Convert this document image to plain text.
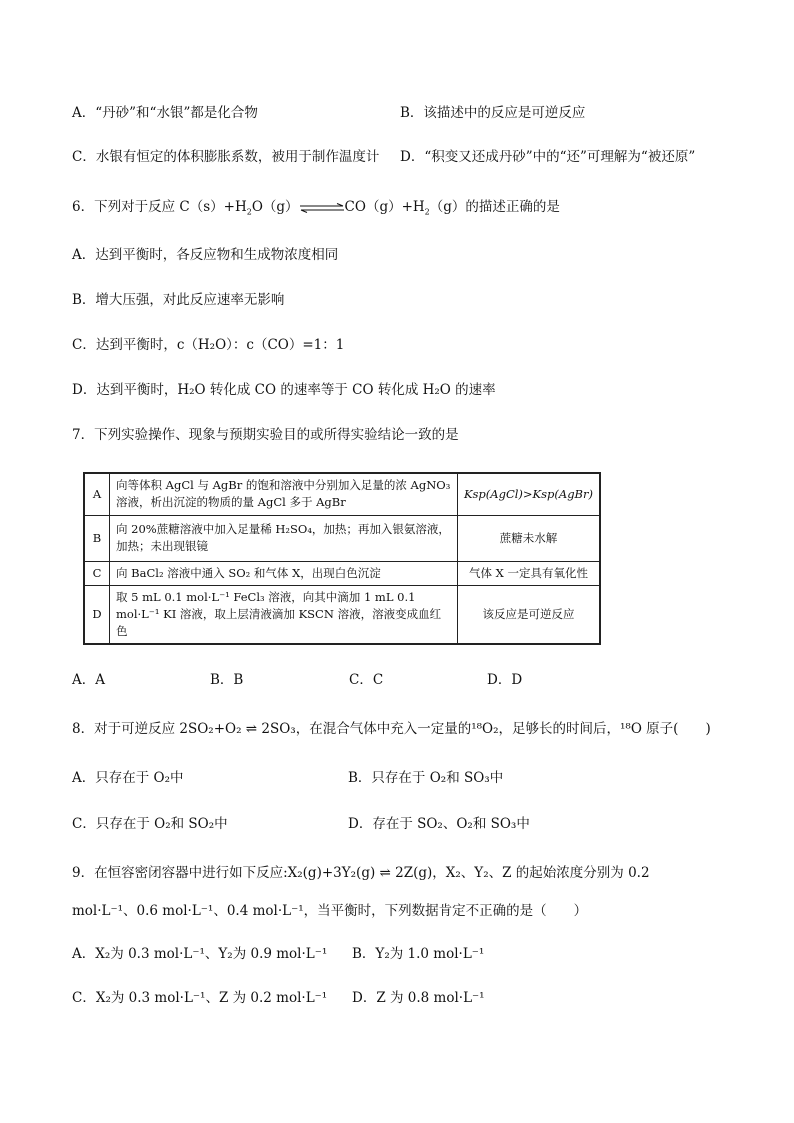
A．“丹砂”和“水银”都是化合物	B．该描述中的反应是可逆反应
C．水银有恒定的体积膨胀系数，被用于制作温度计 D．“积变又还成丹砂”中的“还”可理解为“被还原”
6．下列对于反应 $C(s)+H_2O(g)\rightleftharpoons CO(g)+H_2(g)$的描述正确的是
A．达到平衡时，各反应物和生成物浓度相同
B．增大压强，对此反应速率无影响
C．达到平衡时，c（H₂O）：c（CO）=1：1
D．达到平衡时，H₂O 转化成 CO 的速率等于 CO 转化成 H₂O 的速率
7．下列实验操作、现象与预期实验目的或所得实验结论一致的是
A	向等体积 AgCl 与 AgBr 的饱和溶液中分别加入足量的浓 AgNO₃ 溶液，析出沉淀的物质的量 AgCl 多于 AgBr	Ksp(AgCl)>Ksp(AgBr)
B	向 20%蔗糖溶液中加入足量稀 H₂SO₄，加热；再加入银氨溶液，加热；未出现银镜	蔗糖未水解
C	向 BaCl₂ 溶液中通入 SO₂ 和气体 X，出现白色沉淀	气体 X 一定具有氧化性
D	取 5 mL 0.1 mol·L⁻¹ FeCl₃ 溶液，向其中滴加 1 mL 0.1 mol·L⁻¹ KI 溶液，取上层清液滴加 KSCN 溶液，溶液变成血红色	该反应是可逆反应
A．A	B．B	C．C	D．D
8．对于可逆反应 2SO₂+O₂ ⇌ 2SO₃，在混合气体中充入一定量的¹⁸O₂，足够长的时间后，¹⁸O 原子(　　)
A．只存在于 O₂中	B．只存在于 O₂和 SO₃中
C．只存在于 O₂和 SO₂中	D．存在于 SO₂、O₂和 SO₃中
9．在恒容密闭容器中进行如下反应:X₂(g)+3Y₂(g) ⇌ 2Z(g)，X₂、Y₂、Z 的起始浓度分别为 0.2
mol·L⁻¹、0.6 mol·L⁻¹、0.4 mol·L⁻¹，当平衡时，下列数据肯定不正确的是（　　）
A．X₂为 0.3 mol·L⁻¹、Y₂为 0.9 mol·L⁻¹ B．Y₂为 1.0 mol·L⁻¹
C．X₂为 0.3 mol·L⁻¹、Z 为 0.2 mol·L⁻¹ D．Z 为 0.8 mol·L⁻¹
